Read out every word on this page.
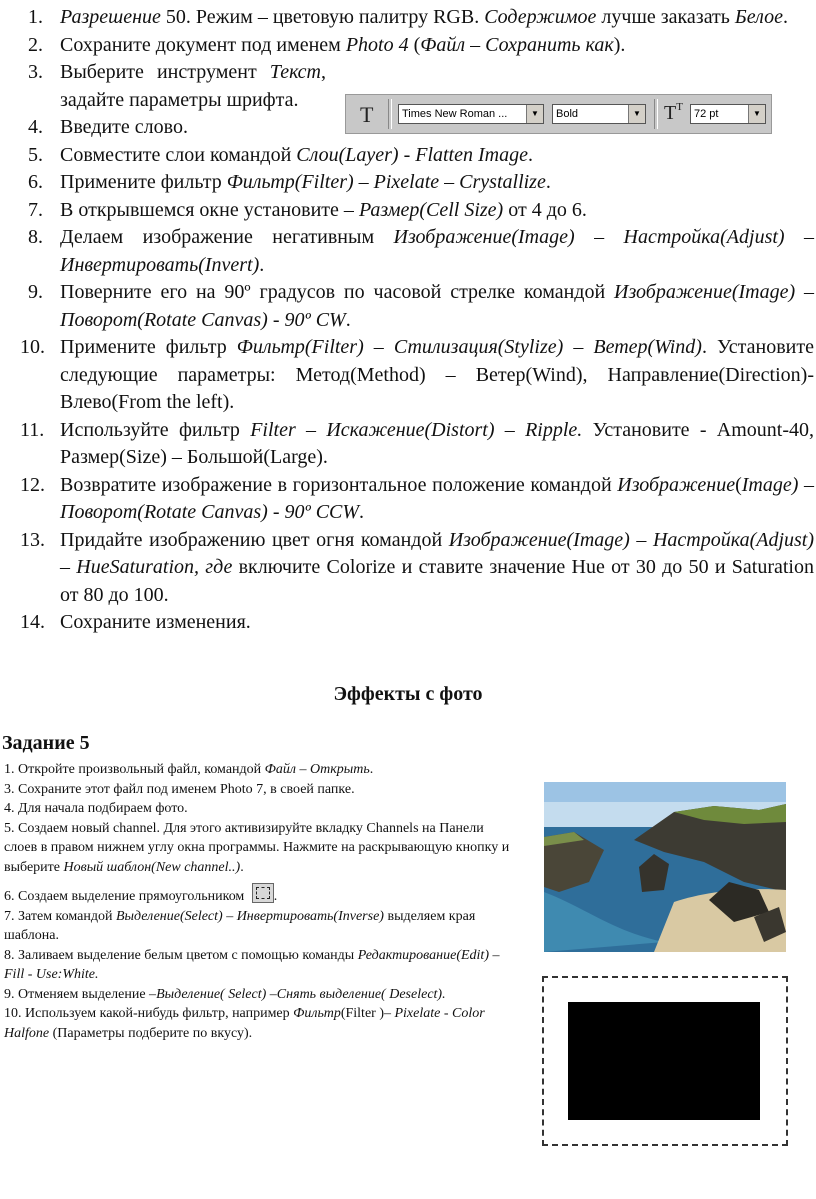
1. Разрешение 50. Режим – цветовую палитру RGB. Содержимое лучше заказать Белое.
2. Сохраните документ под именем Photo 4 (Файл – Сохранить как).
3. Выберите инструмент Текст, задайте параметры шрифта.
4. Введите слово.
5. Совместите слои командой Слои(Layer) - Flatten Image.
6. Примените фильтр Фильтр(Filter) – Pixelate – Crystallize.
7. В открывшемся окне установите – Размер(Cell Size) от 4 до 6.
8. Делаем изображение негативным Изображение(Image) – Настройка(Adjust) – Инвертировать(Invert).
9. Поверните его на 90º градусов по часовой стрелке командой Изображение(Image) – Поворот(Rotate Canvas) - 90º CW.
10. Примените фильтр Фильтр(Filter) – Стилизация(Stylize) – Ветер(Wind). Установите следующие параметры: Метод(Method) – Ветер(Wind), Направление(Direction)-Влево(From the left).
11. Используйте фильтр Filter – Искажение(Distort) – Ripple. Установите - Amount-40, Размер(Size) – Большой(Large).
12. Возвратите изображение в горизонтальное положение командой Изображение(Image) – Поворот(Rotate Canvas) - 90º CCW.
13. Придайте изображению цвет огня командой Изображение(Image) – Настройка(Adjust) – HueSaturation, где включите Colorize и ставите значение Hue от 30 до 50 и Saturation от 80 до 100.
14. Сохраните изменения.
T	Times New Roman ...	▼	Bold	▼ $T^T$
72 pt	▼
Эффекты с фото
Задание 5

1. Откройте произвольный файл, командой Файл – Открыть.

3. Сохраните этот файл под именем Photo 7, в своей папке.

4. Для начала подбираем фото.

5. Создаем новый channel. Для этого активизируйте вкладку Channels на Панели слоев в правом нижнем углу окна программы. Нажмите на раскрывающую кнопку и выберите Новый шаблон(New channel..).

6. Создаем выделение прямоугольником .

7. Затем командой Выделение(Select) – Инвертировать(Inverse) выделяем края шаблона.

8. Заливаем выделение белым цветом с помощью команды Редактирование(Edit) – Fill - Use:White.

9. Отменяем выделение –Выделение( Select) –Снять выделение( Deselect).

10. Используем какой-нибудь фильтр, например Фильтр(Filter )– Pixelate - Color Halfone (Параметры подберите по вкусу).
